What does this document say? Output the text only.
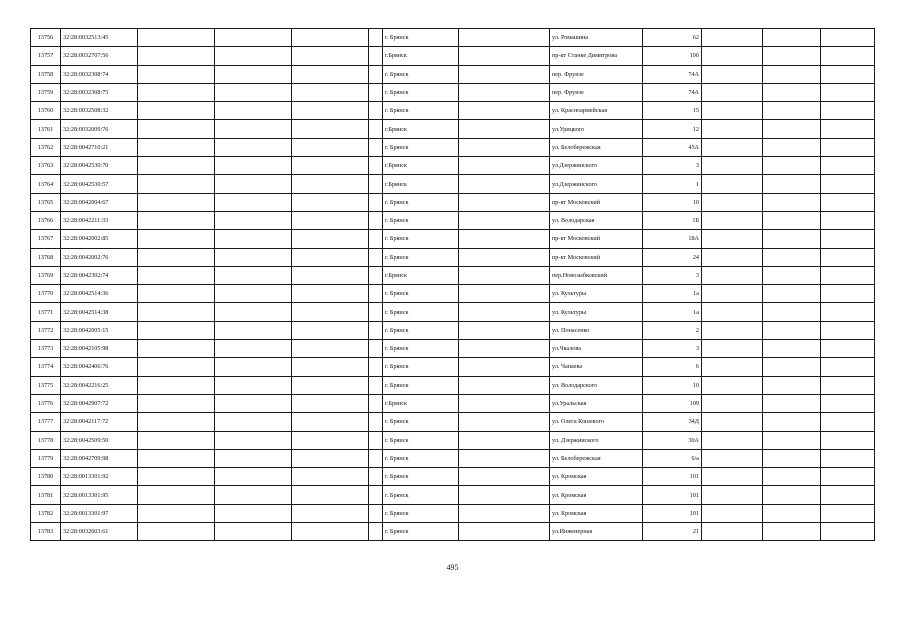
13756	32:28:0032513:45					г. Брянск		ул. Ромашина	62			
13757	32:28:0032707:56					г.Брянск		пр-кт Станке Димитрова	19б			
13758	32:28:0032308:74					г. Брянск		пер. Фрунзе	74А			
13759	32:28:0032308:75					г. Брянск		пер. Фрунзе	74А			
13760	32:28:0032508:32					г. Брянск		ул. Красноармейская	15			
13761	32:28:0032009:76					г.Брянск		ул.Урицкого	12			
13762	32:28:0042710:21					г. Брянск		ул. Белобережская	45А			
13763	32:28:0042530:70					г.Брянск		ул.Дзержинского	3			
13764	32:28:0042530:57					г.Брянск		ул.Дзержинского	1			
13765	32:28:0042004:67					г. Брянск		пр-кт Московский	10			
13766	32:28:0042211:33					г. Брянск		ул. Володарская	1Б			
13767	32:28:0042002:85					г. Брянск		пр-кт Московский	18А			
13768	32:28:0042002:76					г. Брянск		пр-кт Московский	24			
13769	32:28:0042302:74					г.Брянск		пер.Новозыбковский	3			
13770	32:28:0042514:36					г. Брянск		ул. Культуры	1а			
13771	32:28:0042514:38					г. Брянск		ул. Культуры	1а			
13772	32:28:0042005:15					г. Брянск		ул. Понасенко	2			
13773	32:28:0042105:98					г. Брянск		ул.Чкалова	3			
13774	32:28:0042406:76					г. Брянск		ул. Чапаева	6			
13775	32:28:0042216:25					г. Брянск		ул. Володарского	10			
13776	32:28:0042907:72					г.Брянск		ул.Уральская	109			
13777	32:28:0042117:72					г. Брянск		ул. Олега Кошевого	34Д			
13778	32:28:0042509:50					г. Брянск		ул. Дзержинского	30А			
13779	32:28:0042709:98					г. Брянск		ул. Белобережская	6/а			
13780	32:28:0013301:92					г. Брянск		ул. Кромская	101			
13781	32:28:0013301:95					г. Брянск		ул. Кромская	101			
13782	32:28:0013301:97					г. Брянск		ул. Кромская	101			
13783	32:28:0032603:61					г. Брянск		ул.Инженерная	21			
495
